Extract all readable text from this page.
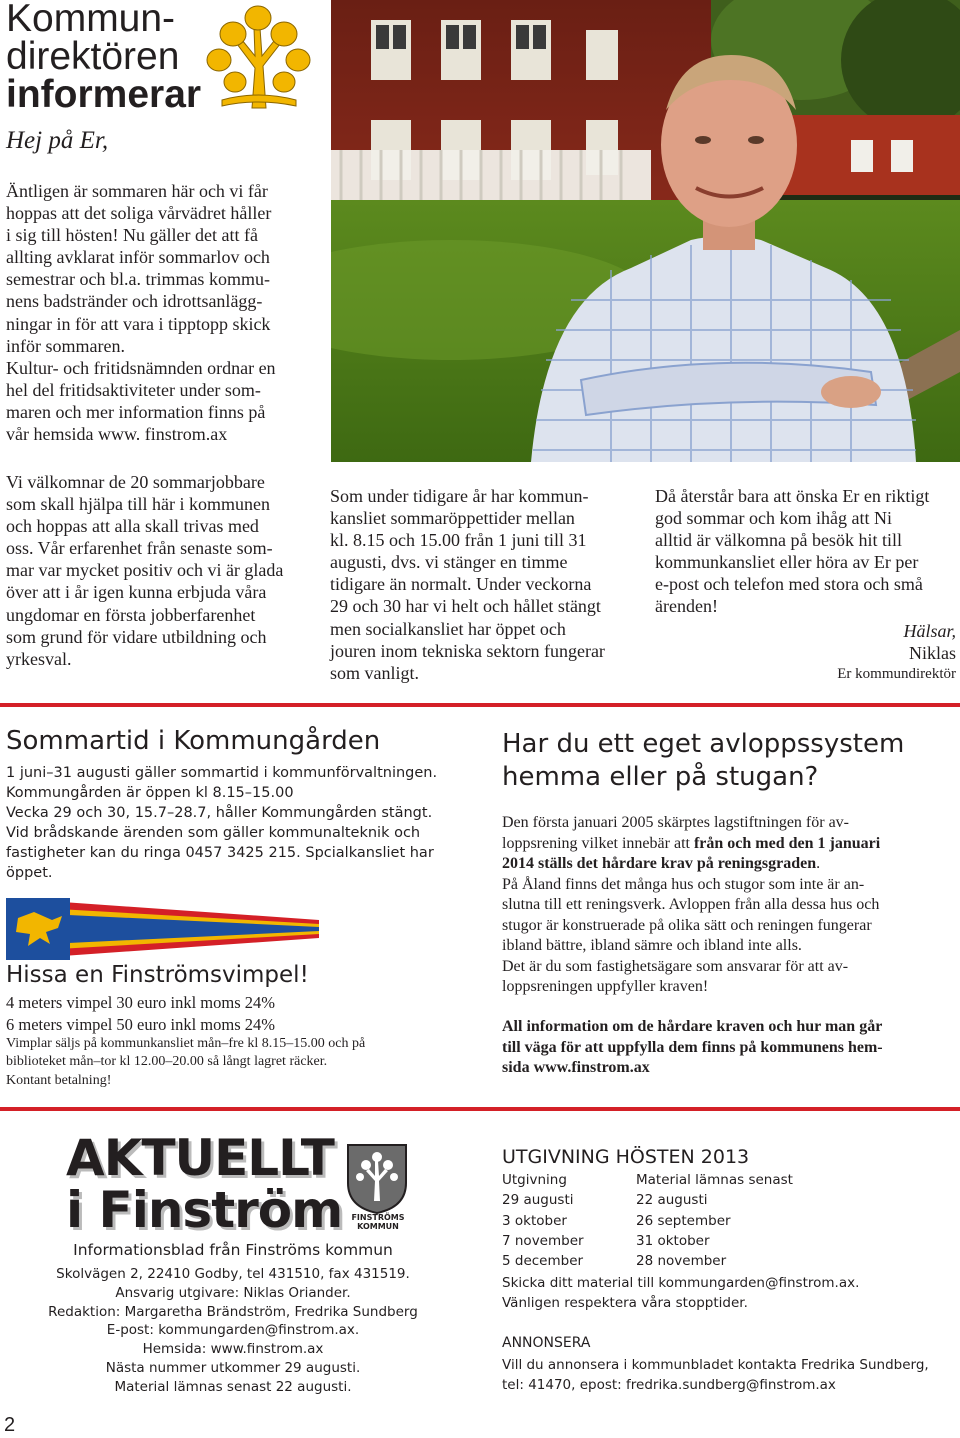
Kommun-
direktören
informerar
Hej på Er,

Äntligen är sommaren här och vi får

hoppas att det soliga vårvädret håller

i sig till hösten! Nu gäller det att få

allting avklarat inför sommarlov och

semestrar och bl.a. trimmas kommu-

nens badstränder och idrottsanlägg-

ningar in för att vara i tipptopp skick

inför sommaren.

Kultur- och fritidsnämnden ordnar en

hel del fritidsaktiviteter under som-

maren och mer information finns på

vår hemsida www. finstrom.ax

Vi välkomnar de 20 sommarjobbare

som skall hjälpa till här i kommunen

och hoppas att alla skall trivas med

oss. Vår erfarenhet från senaste som-

mar var mycket positiv och vi är glada

över att i år igen kunna erbjuda våra

ungdomar en första jobberfarenhet

som grund för vidare utbildning och

yrkesval.

Som under tidigare år har kommun-

kansliet sommaröppettider mellan

kl. 8.15 och 15.00 från 1 juni till 31

augusti, dvs. vi stänger en timme

tidigare än normalt. Under veckorna

29 och 30 har vi helt och hållet stängt

men socialkansliet har öppet och

jouren inom tekniska sektorn fungerar

som vanligt.

Då återstår bara att önska Er en riktigt

god sommar och kom ihåg att Ni

alltid är välkomna på besök hit till

kommunkansliet eller höra av Er per

e-post och telefon med stora och små

ärenden!

Hälsar,
Niklas
Er kommundirektör
Sommartid i Kommungården

1 juni–31 augusti gäller sommartid i kommunförvaltningen.

Kommungården är öppen kl 8.15–15.00

Vecka 29 och 30, 15.7–28.7, håller Kommungården stängt.

Vid brådskande ärenden som gäller kommunalteknik och

fastigheter kan du ringa 0457 3425 215. Spcialkansliet har

öppet.

Hissa en Finströmsvimpel!

4 meters vimpel 30 euro inkl moms 24%

6 meters vimpel 50 euro inkl moms 24%

Vimplar säljs på kommunkansliet mån–fre kl 8.15–15.00 och på

biblioteket mån–tor kl 12.00–20.00 så långt lagret räcker.

Kontant betalning!

Har du ett eget avloppssystem
hemma eller på stugan?

Den första januari 2005 skärptes lagstiftningen för av-

loppsrening vilket innebär att från och med den 1 januari

2014 ställs det hårdare krav på reningsgraden.

På Åland finns det många hus och stugor som inte är an-

slutna till ett reningsverk. Avloppen från alla dessa hus och

stugor är konstruerade på olika sätt och reningen fungerar

ibland bättre, ibland sämre och ibland inte alls.

Det är du som fastighetsägare som ansvarar för att av-

loppsreningen uppfyller kraven!

All information om de hårdare kraven och hur man går

till väga för att uppfylla dem finns på kommunens hem-

sida www.finstrom.ax

AKTUELLT
i Finström	FINSTRÖMS
KOMMUN
Informationsblad från Finströms kommun

Skolvägen 2, 22410 Godby, tel 431510, fax 431519.

Ansvarig utgivare: Niklas Oriander.

Redaktion: Margaretha Brändström, Fredrika Sundberg

E-post: kommungarden@finstrom.ax.

Hemsida: www.finstrom.ax

Nästa nummer utkommer 29 augusti.

Material lämnas senast 22 augusti.

UTGIVNING HÖSTEN 2013
Utgivning	Material lämnas senast
29 augusti	22 augusti
3 oktober	26 september
7 november	31 oktober
5 december	28 november

Skicka ditt material till kommungarden@finstrom.ax.

Vänligen respektera våra stopptider.

ANNONSERA

Vill du annonsera i kommunbladet kontakta Fredrika Sundberg,

tel: 41470, epost: fredrika.sundberg@finstrom.ax

2
